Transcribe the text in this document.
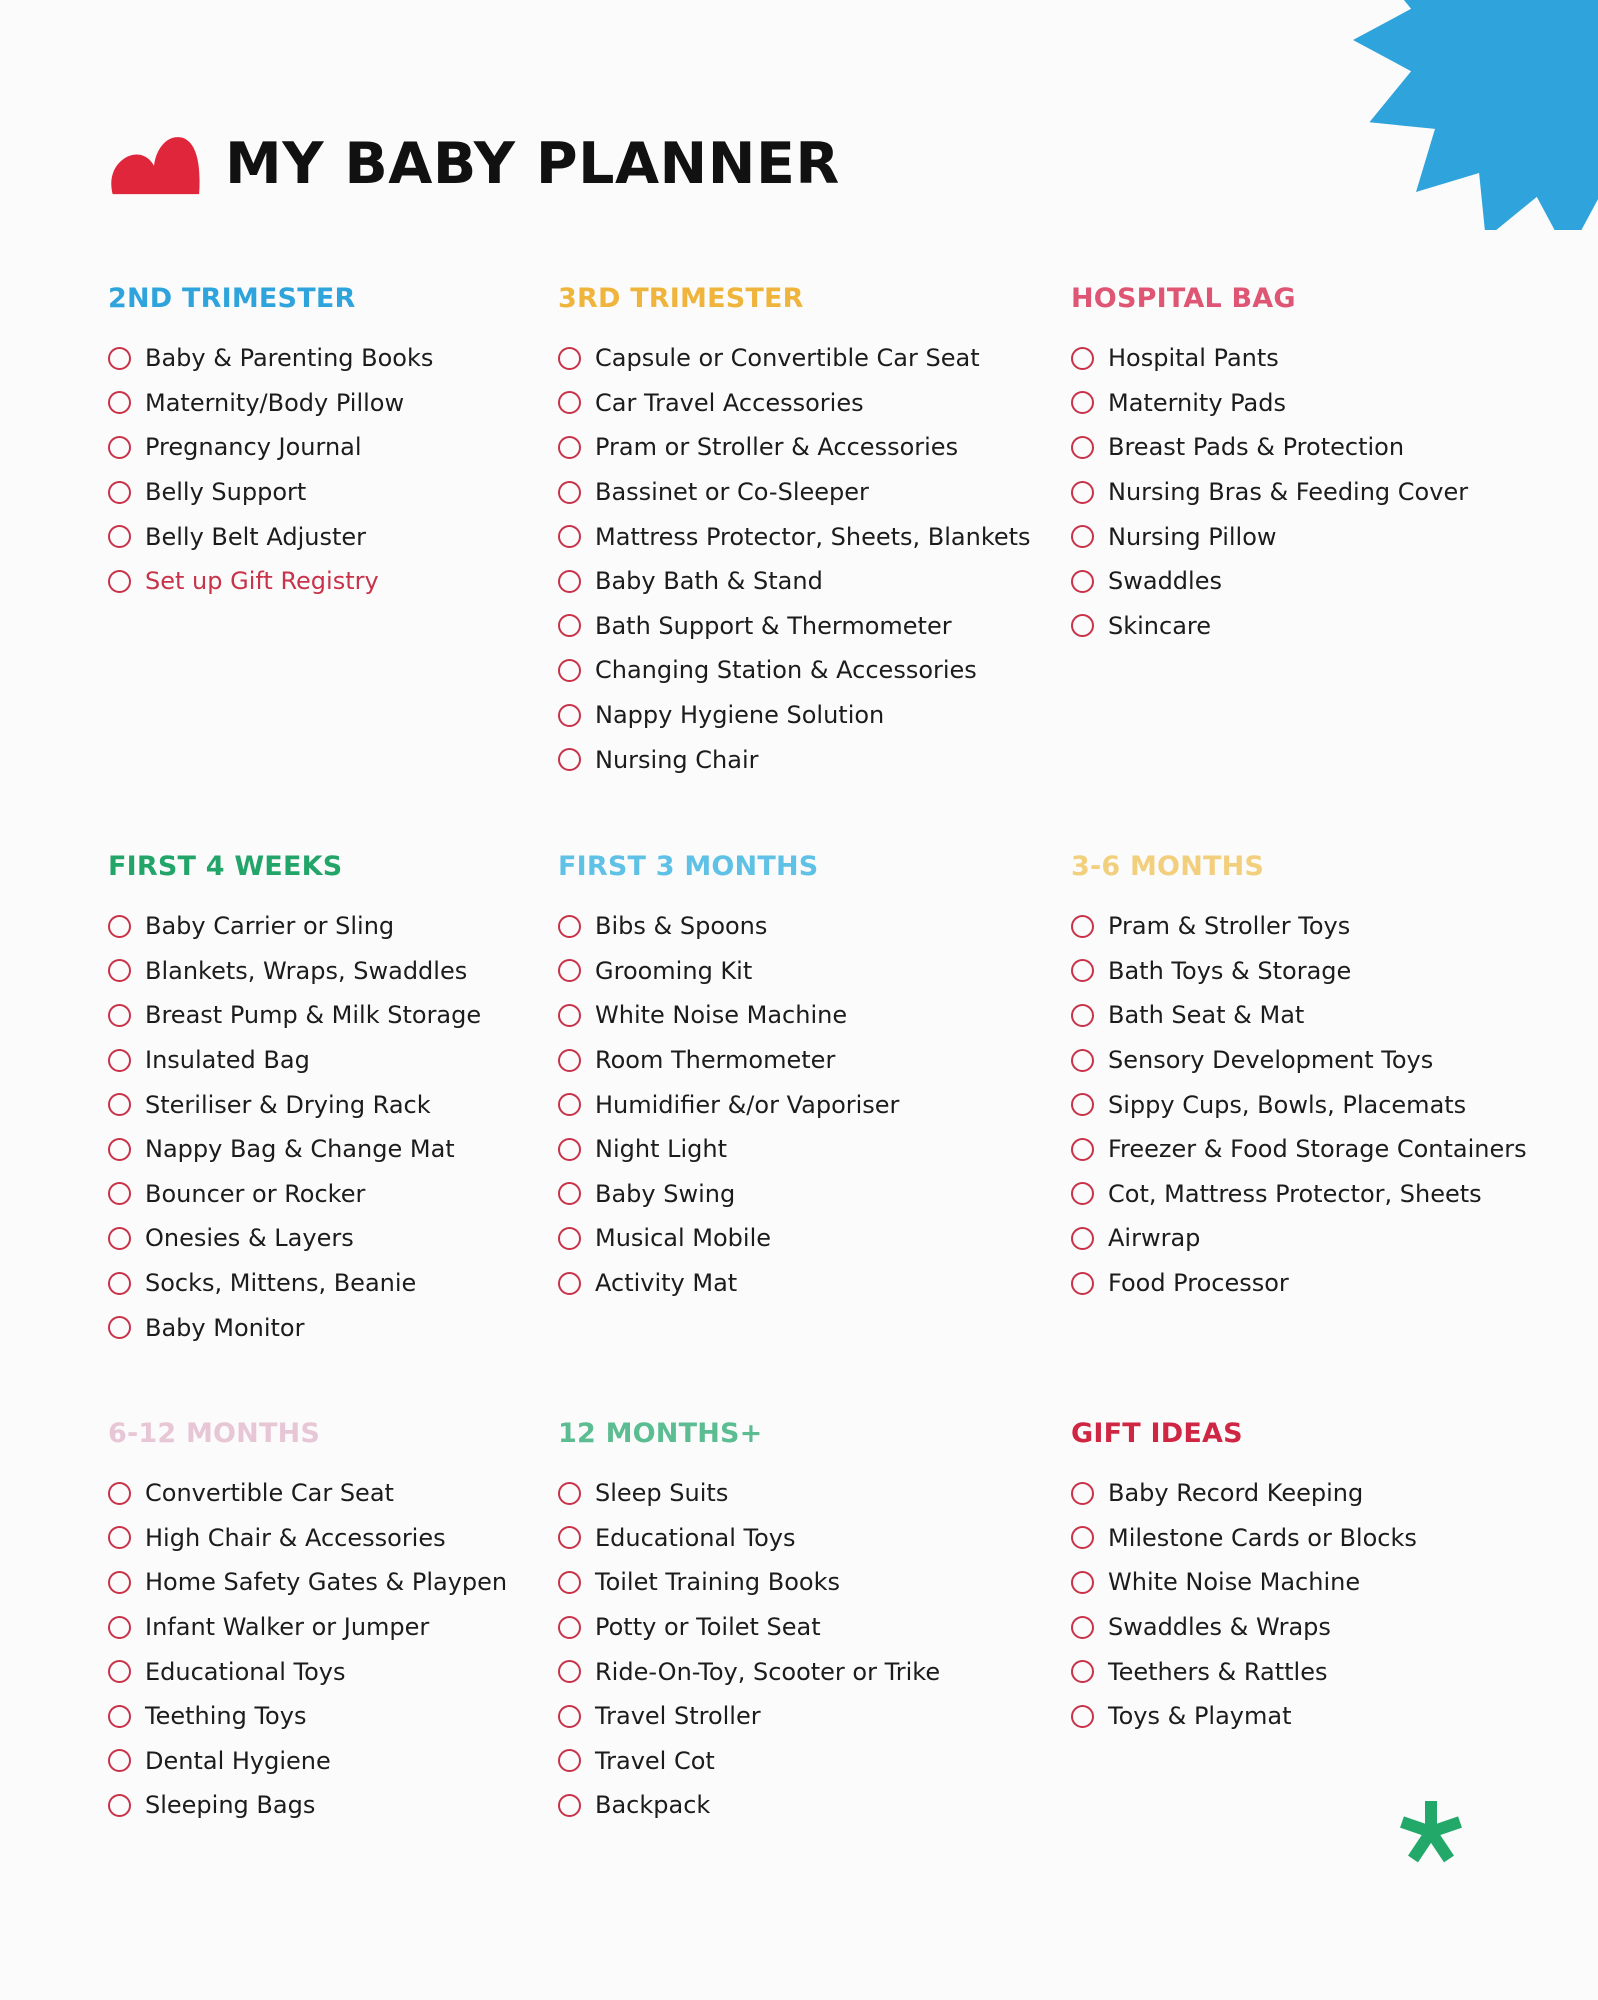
MY BABY PLANNER
2ND TRIMESTER
Baby & Parenting Books
Maternity/Body Pillow
Pregnancy Journal
Belly Support
Belly Belt Adjuster
Set up Gift Registry
3RD TRIMESTER
Capsule or Convertible Car Seat
Car Travel Accessories
Pram or Stroller & Accessories
Bassinet or Co-Sleeper
Mattress Protector, Sheets, Blankets
Baby Bath & Stand
Bath Support & Thermometer
Changing Station & Accessories
Nappy Hygiene Solution
Nursing Chair
HOSPITAL BAG
Hospital Pants
Maternity Pads
Breast Pads & Protection
Nursing Bras & Feeding Cover
Nursing Pillow
Swaddles
Skincare
FIRST 4 WEEKS
Baby Carrier or Sling
Blankets, Wraps, Swaddles
Breast Pump & Milk Storage
Insulated Bag
Steriliser & Drying Rack
Nappy Bag & Change Mat
Bouncer or Rocker
Onesies & Layers
Socks, Mittens, Beanie
Baby Monitor
FIRST 3 MONTHS
Bibs & Spoons
Grooming Kit
White Noise Machine
Room Thermometer
Humidifier &/or Vaporiser
Night Light
Baby Swing
Musical Mobile
Activity Mat
3-6 MONTHS
Pram & Stroller Toys
Bath Toys & Storage
Bath Seat & Mat
Sensory Development Toys
Sippy Cups, Bowls, Placemats
Freezer & Food Storage Containers
Cot, Mattress Protector, Sheets
Airwrap
Food Processor
6-12 MONTHS
Convertible Car Seat
High Chair & Accessories
Home Safety Gates & Playpen
Infant Walker or Jumper
Educational Toys
Teething Toys
Dental Hygiene
Sleeping Bags
12 MONTHS+
Sleep Suits
Educational Toys
Toilet Training Books
Potty or Toilet Seat
Ride-On-Toy, Scooter or Trike
Travel Stroller
Travel Cot
Backpack
GIFT IDEAS
Baby Record Keeping
Milestone Cards or Blocks
White Noise Machine
Swaddles & Wraps
Teethers & Rattles
Toys & Playmat
